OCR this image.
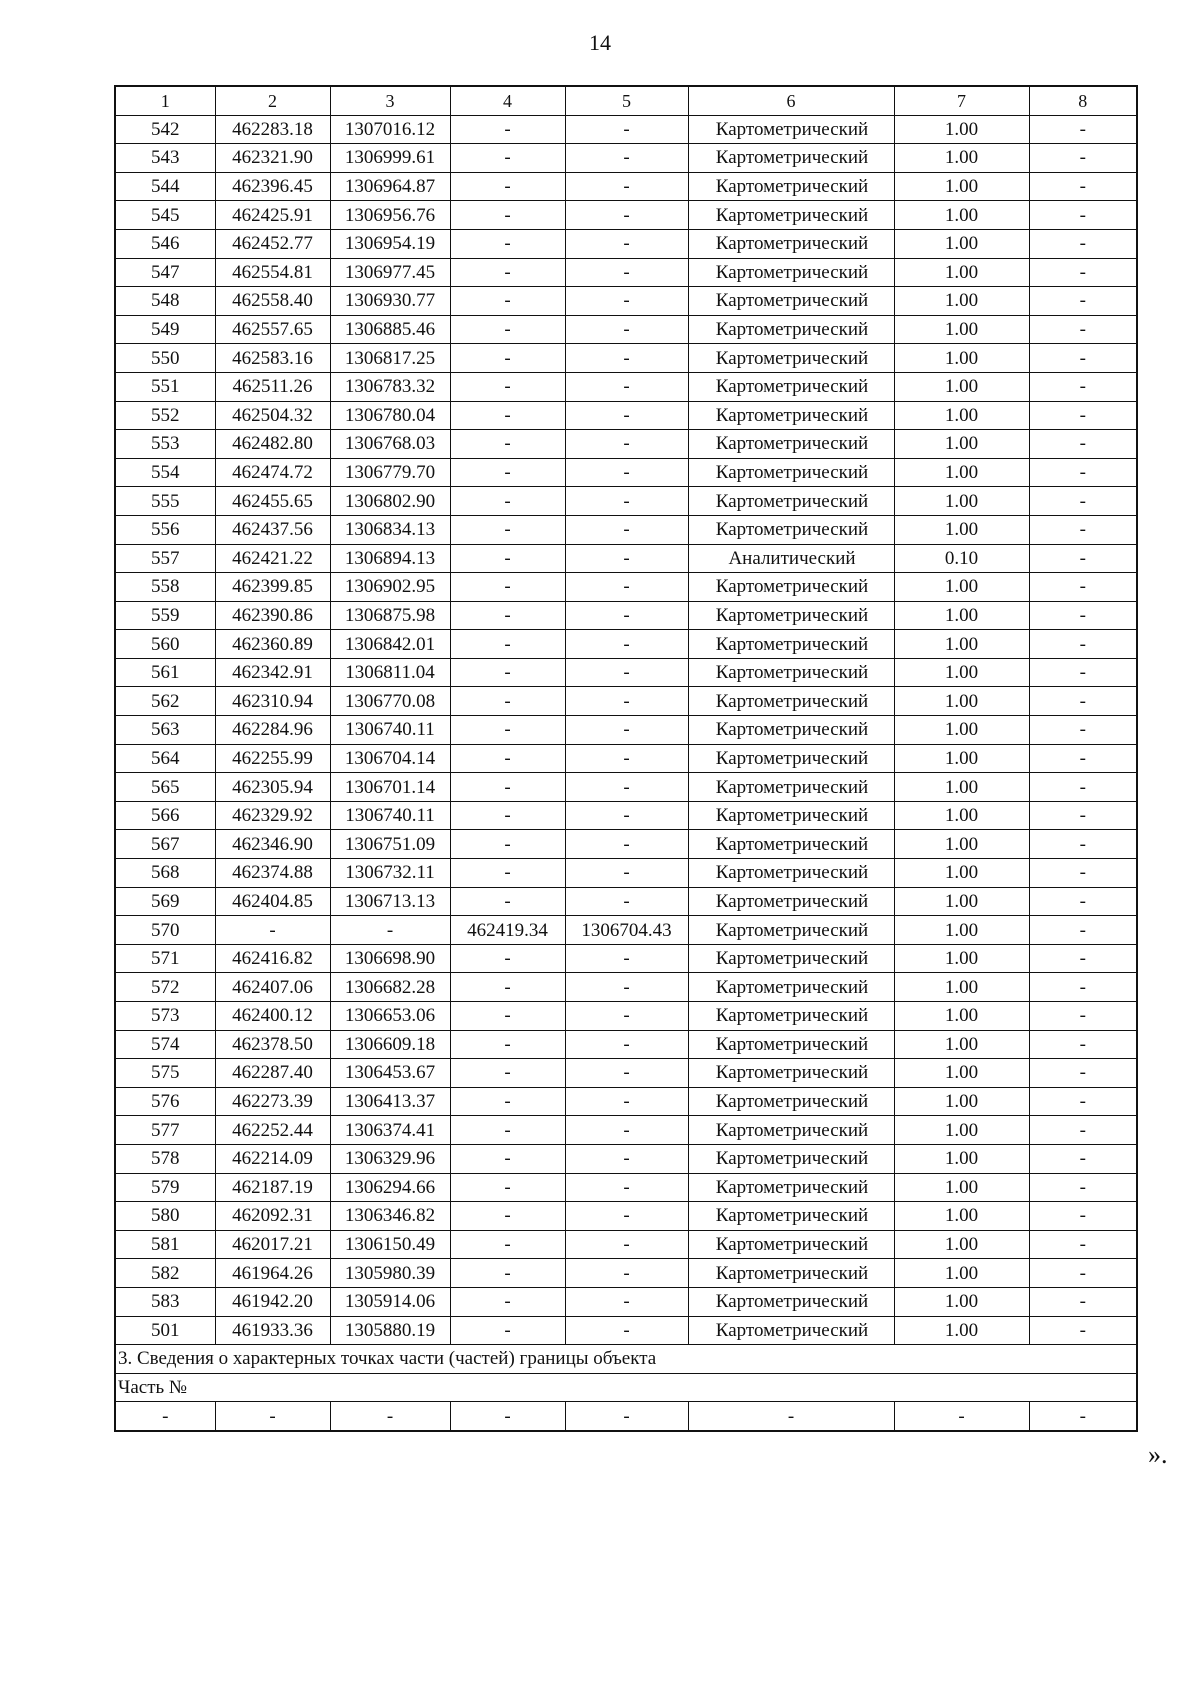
14
1	2	3	4	5	6	7	8
542	462283.18	1307016.12	-	-	Картометрический	1.00	-
543	462321.90	1306999.61	-	-	Картометрический	1.00	-
544	462396.45	1306964.87	-	-	Картометрический	1.00	-
545	462425.91	1306956.76	-	-	Картометрический	1.00	-
546	462452.77	1306954.19	-	-	Картометрический	1.00	-
547	462554.81	1306977.45	-	-	Картометрический	1.00	-
548	462558.40	1306930.77	-	-	Картометрический	1.00	-
549	462557.65	1306885.46	-	-	Картометрический	1.00	-
550	462583.16	1306817.25	-	-	Картометрический	1.00	-
551	462511.26	1306783.32	-	-	Картометрический	1.00	-
552	462504.32	1306780.04	-	-	Картометрический	1.00	-
553	462482.80	1306768.03	-	-	Картометрический	1.00	-
554	462474.72	1306779.70	-	-	Картометрический	1.00	-
555	462455.65	1306802.90	-	-	Картометрический	1.00	-
556	462437.56	1306834.13	-	-	Картометрический	1.00	-
557	462421.22	1306894.13	-	-	Аналитический	0.10	-
558	462399.85	1306902.95	-	-	Картометрический	1.00	-
559	462390.86	1306875.98	-	-	Картометрический	1.00	-
560	462360.89	1306842.01	-	-	Картометрический	1.00	-
561	462342.91	1306811.04	-	-	Картометрический	1.00	-
562	462310.94	1306770.08	-	-	Картометрический	1.00	-
563	462284.96	1306740.11	-	-	Картометрический	1.00	-
564	462255.99	1306704.14	-	-	Картометрический	1.00	-
565	462305.94	1306701.14	-	-	Картометрический	1.00	-
566	462329.92	1306740.11	-	-	Картометрический	1.00	-
567	462346.90	1306751.09	-	-	Картометрический	1.00	-
568	462374.88	1306732.11	-	-	Картометрический	1.00	-
569	462404.85	1306713.13	-	-	Картометрический	1.00	-
570	-	-	462419.34	1306704.43	Картометрический	1.00	-
571	462416.82	1306698.90	-	-	Картометрический	1.00	-
572	462407.06	1306682.28	-	-	Картометрический	1.00	-
573	462400.12	1306653.06	-	-	Картометрический	1.00	-
574	462378.50	1306609.18	-	-	Картометрический	1.00	-
575	462287.40	1306453.67	-	-	Картометрический	1.00	-
576	462273.39	1306413.37	-	-	Картометрический	1.00	-
577	462252.44	1306374.41	-	-	Картометрический	1.00	-
578	462214.09	1306329.96	-	-	Картометрический	1.00	-
579	462187.19	1306294.66	-	-	Картометрический	1.00	-
580	462092.31	1306346.82	-	-	Картометрический	1.00	-
581	462017.21	1306150.49	-	-	Картометрический	1.00	-
582	461964.26	1305980.39	-	-	Картометрический	1.00	-
583	461942.20	1305914.06	-	-	Картометрический	1.00	-
501	461933.36	1305880.19	-	-	Картометрический	1.00	-
3. Сведения о характерных точках части (частей) границы объекта							
Часть №							
-	-	-	-	-	-	-	-
».
